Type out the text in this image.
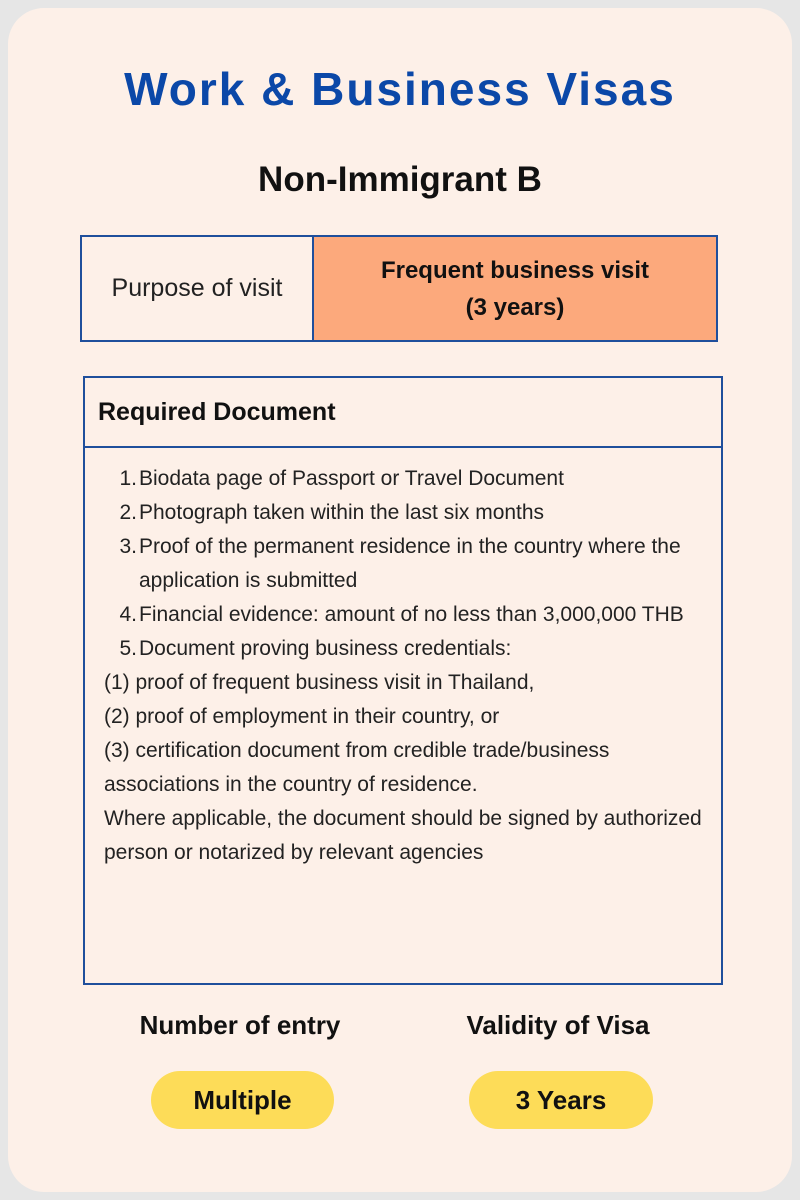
Work & Business Visas
Non-Immigrant B
Purpose of visit
Frequent business visit
(3 years)
Required Document
1. Biodata page of Passport or Travel Document
2. Photograph taken within the last six months
3. Proof of the permanent residence in the country where the application is submitted
4. Financial evidence: amount of no less than 3,000,000 THB
5. Document proving business credentials:
(1) proof of frequent business visit in Thailand,
(2) proof of employment in their country, or
(3) certification document from credible trade/business associations in the country of residence.
Where applicable, the document should be signed by authorized person or notarized by relevant agencies
Number of entry	Validity of Visa
Multiple	3 Years
